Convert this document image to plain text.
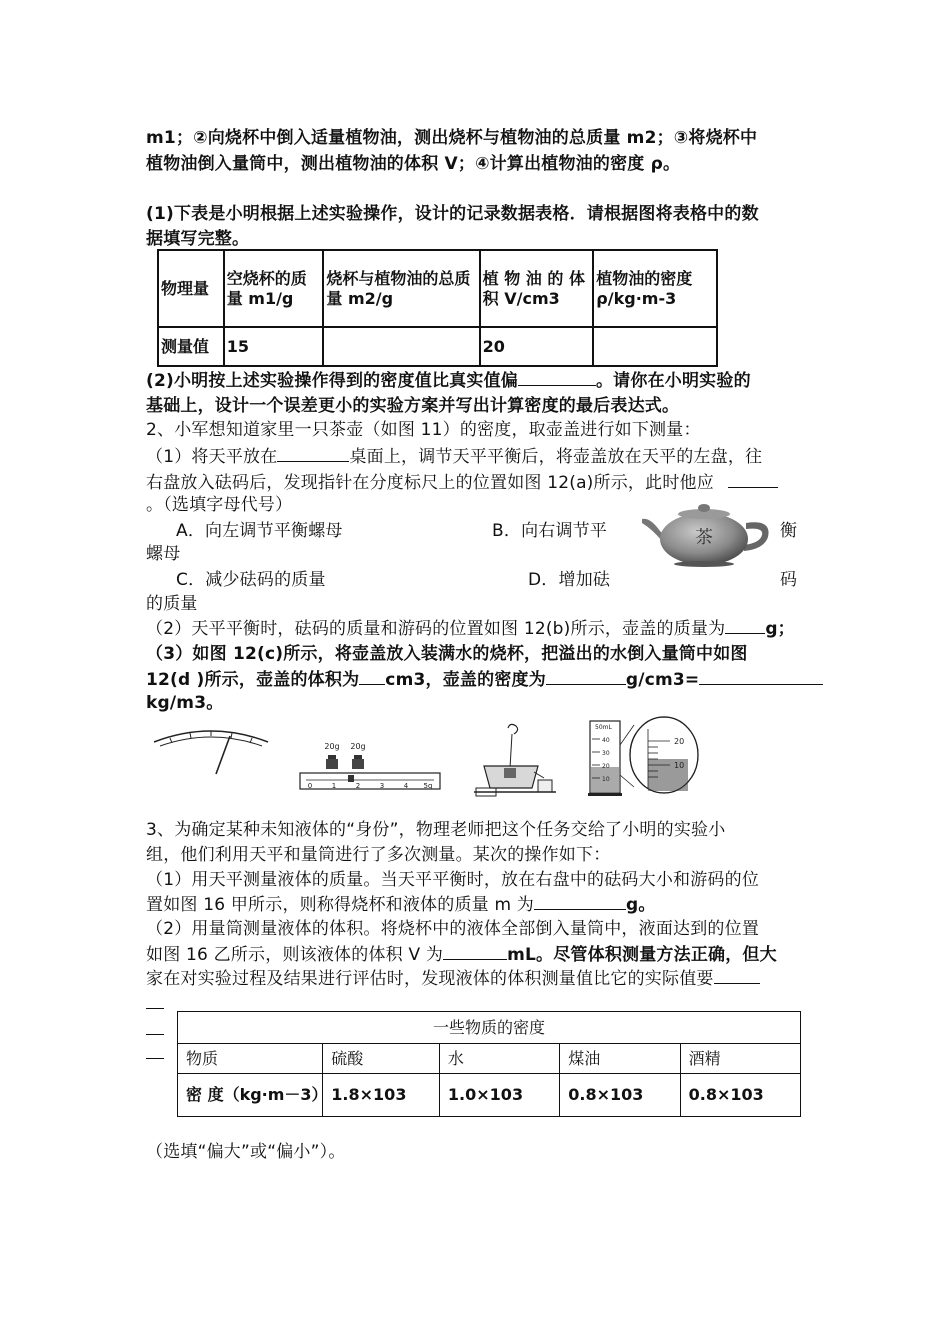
m1；②向烧杯中倒入适量植物油，测出烧杯与植物油的总质量 m2；③将烧杯中
植物油倒入量筒中，测出植物油的体积 V；④计算出植物油的密度 ρ。
(1)下表是小明根据上述实验操作，设计的记录数据表格．请根据图将表格中的数
据填写完整。
物理量	空烧杯的质量 m1/g	烧杯与植物油的总质量 m2/g	植 物 油 的 体积 V/cm3	植物油的密度 ρ/kg·m-3
测量值	15		20	
(2)小明按上述实验操作得到的密度值比真实值偏	。请你在小明实验的
基础上，设计一个误差更小的实验方案并写出计算密度的最后表达式。
2、小军想知道家里一只茶壶（如图 11）的密度，取壶盖进行如下测量：
（1）将天平放在	桌面上，调节天平平衡后，将壶盖放在天平的左盘，往
右盘放入砝码后，发现指针在分度标尺上的位置如图 12(a)所示，此时他应
。（选填字母代号）
A．向左调节平衡螺母	B．向右调节平	衡
螺母
C．减少砝码的质量	D．增加砝	码
的质量
茶
（2）天平平衡时，砝码的质量和游码的位置如图 12(b)所示，壶盖的质量为 g；
（3）如图 12(c)所示，将壶盖放入装满水的烧杯，把溢出的水倒入量筒中如图
12(d )所示，壶盖的体积为 cm3，壶盖的密度为	g/cm3=
kg/m3。
20g 20g
0	1	2	3	4 5g
50mL
40
30
20
10
20
10
3、为确定某种未知液体的“身份”，物理老师把这个任务交给了小明的实验小
组，他们利用天平和量筒进行了多次测量。某次的操作如下：
（1）用天平测量液体的质量。当天平平衡时，放在右盘中的砝码大小和游码的位
置如图 16 甲所示，则称得烧杯和液体的质量 m 为	g。
（2）用量筒测量液体的体积。将烧杯中的液体全部倒入量筒中，液面达到的位置
如图 16 乙所示，则该液体的体积 V 为	mL。尽管体积测量方法正确，但大
家在对实验过程及结果进行评估时，发现液体的体积测量值比它的实际值要
一些物质的密度				
物质	硫酸	水	煤油	酒精
密 度（kg·m－3）	1.8×103	1.0×103	0.8×103	0.8×103
（选填“偏大”或“偏小”）。
